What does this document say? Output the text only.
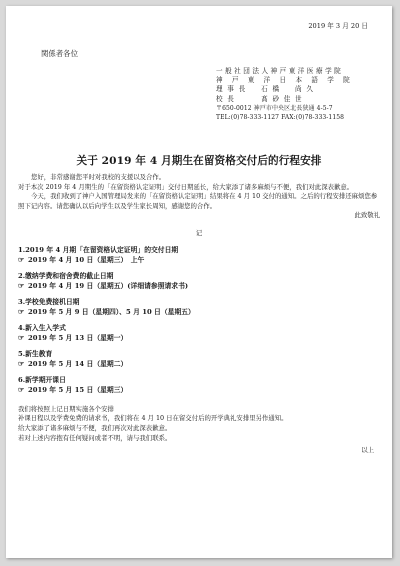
2019 年 3 月 20 日
関係者各位
一 般 社 団 法 人 神 戸 東 洋 医 療 学 院
神 戸 東 洋 日 本 語 学 院
理 事 長 　 石 橋 　 尚 久
校 長 　 　 髙 砂 佳 世
〒650-0012 神戸市中央区北長狭通 4-5-7
TEL:(0)78-333-1127 FAX:(0)78-333-1158
关于 2019 年 4 月期生在留资格交付后的行程安排

您好，非常感谢您平时对我校的支援以及合作。

对于本次 2019 年 4 月期生的「在留资格认定证明」交付日期延长，给大家添了诸多麻烦与不便，我们对此深表歉意。

今天，我们收到了神户入国管理局发来的「在留资格认定证明」结果将在 4 月 10 交付的通知。之后的行程安排还麻烦您参照下记内容。请您确认以后向学生以及学生家长周知，感谢您的合作。

此致敬礼

记

1.2019 年 4 月期「在留资格认定证明」的交付日期
☞ 2019 年 4 月 10 日（星期三）　上午
2.缴纳学费和宿舍费的截止日期
☞ 2019 年 4 月 19 日（星期五）(详细请参照请求书)
3.学校免费接机日期
☞ 2019 年 5 月 9 日（星期四）、5 月 10 日（星期五）
4.新入生入学式
☞ 2019 年 5 月 13 日（星期一）
5.新生教育
☞ 2019 年 5 月 14 日（星期二）
6.新学期开课日
☞ 2019 年 5 月 15 日（星期三）

我们将按照上记日期实施各个安排

补课日程以及学费免费的请求书，我们将在 4 月 10 日在留交付后的开学典礼安排里另作通知。

给大家添了诸多麻烦与不便，我们再次对此深表歉意。

若对上述内容抱有任何疑问或者不明，请与我们联系。

以上
